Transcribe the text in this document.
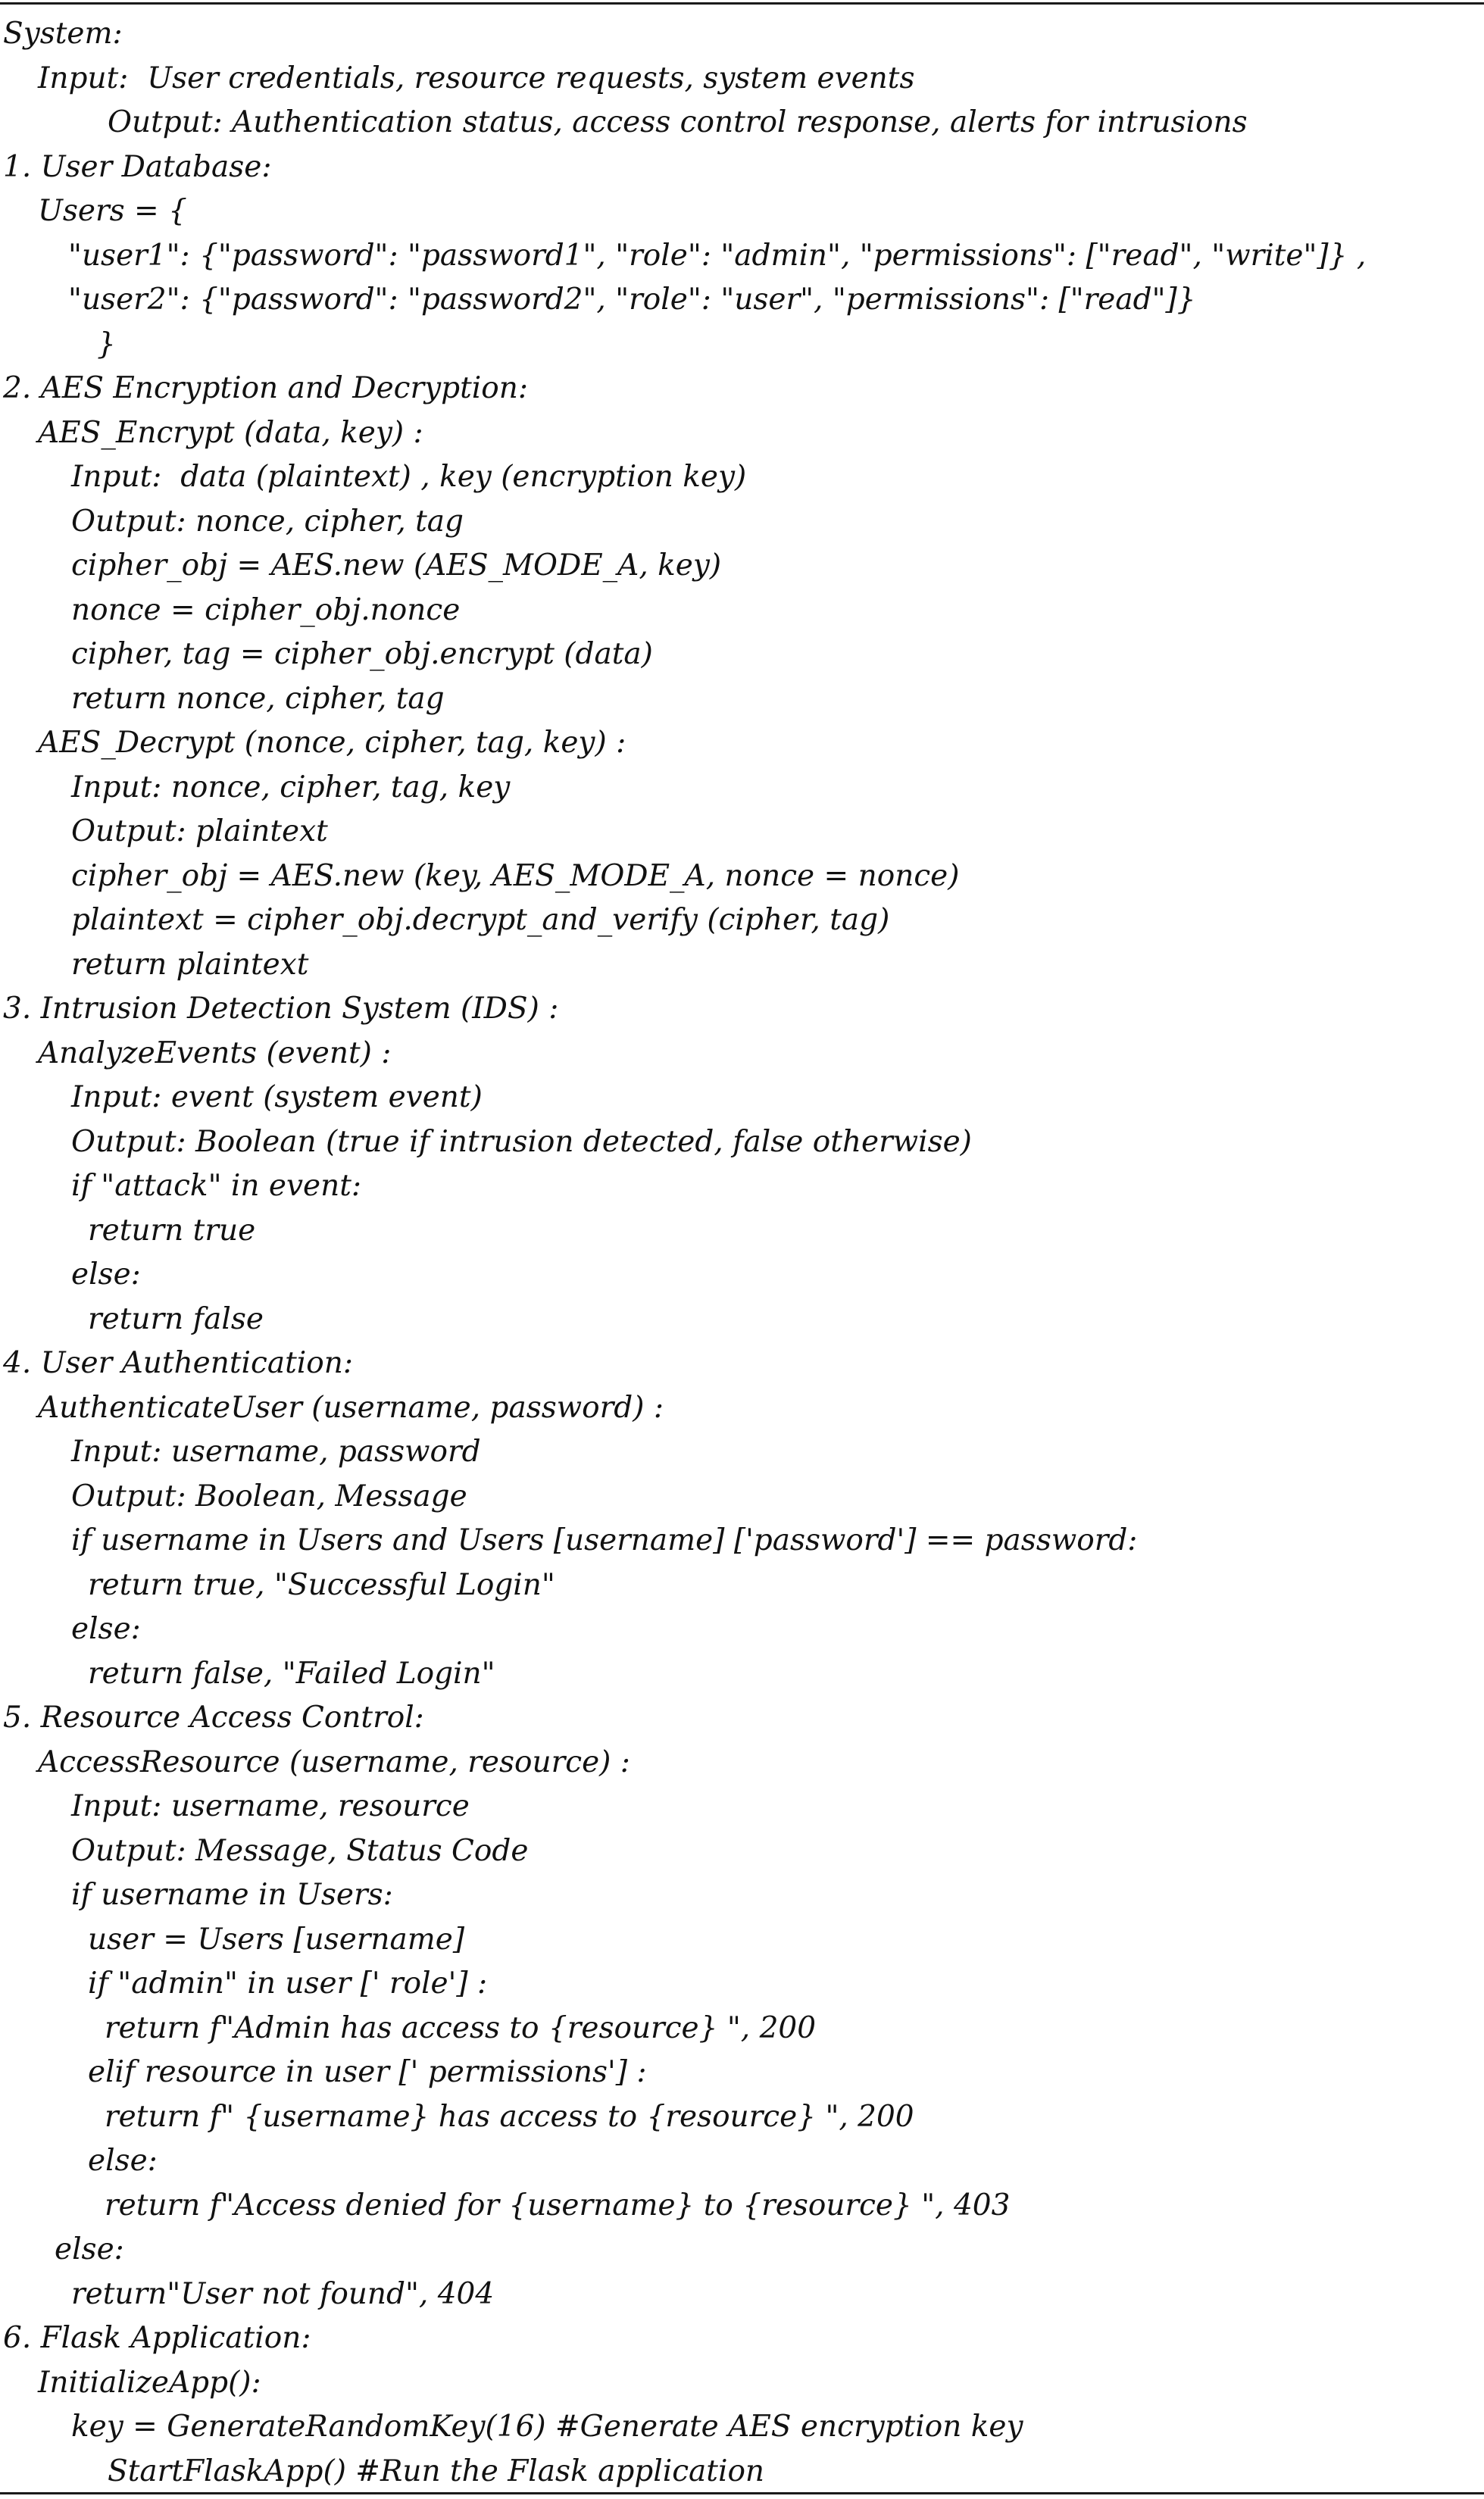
System:
Input:  User credentials, resource requests, system events
Output: Authentication status, access control response, alerts for intrusions
1. User Database:
Users = {
"user1": {"password": "password1", "role": "admin", "permissions": ["read", "write"]} ,
"user2": {"password": "password2", "role": "user", "permissions": ["read"]}
}
2. AES Encryption and Decryption:
AES_Encrypt (data, key) :
Input:  data (plaintext) , key (encryption key)
Output: nonce, cipher, tag
cipher_obj = AES.new (AES_MODE_A, key)
nonce = cipher_obj.nonce
cipher, tag = cipher_obj.encrypt (data)
return nonce, cipher, tag
AES_Decrypt (nonce, cipher, tag, key) :
Input: nonce, cipher, tag, key
Output: plaintext
cipher_obj = AES.new (key, AES_MODE_A, nonce = nonce)
plaintext = cipher_obj.decrypt_and_verify (cipher, tag)
return plaintext
3. Intrusion Detection System (IDS) :
AnalyzeEvents (event) :
Input: event (system event)
Output: Boolean (true if intrusion detected, false otherwise)
if "attack" in event:
return true
else:
return false
4. User Authentication:
AuthenticateUser (username, password) :
Input: username, password
Output: Boolean, Message
if username in Users and Users [username] ['password'] == password:
return true, "Successful Login"
else:
return false, "Failed Login"
5. Resource Access Control:
AccessResource (username, resource) :
Input: username, resource
Output: Message, Status Code
if username in Users:
user = Users [username]
if "admin" in user [' role'] :
return f"Admin has access to {resource} ", 200
elif resource in user [' permissions'] :
return f" {username} has access to {resource} ", 200
else:
return f"Access denied for {username} to {resource} ", 403
else:
return"User not found", 404
6. Flask Application:
InitializeApp():
key = GenerateRandomKey(16) #Generate AES encryption key
StartFlaskApp() #Run the Flask application
